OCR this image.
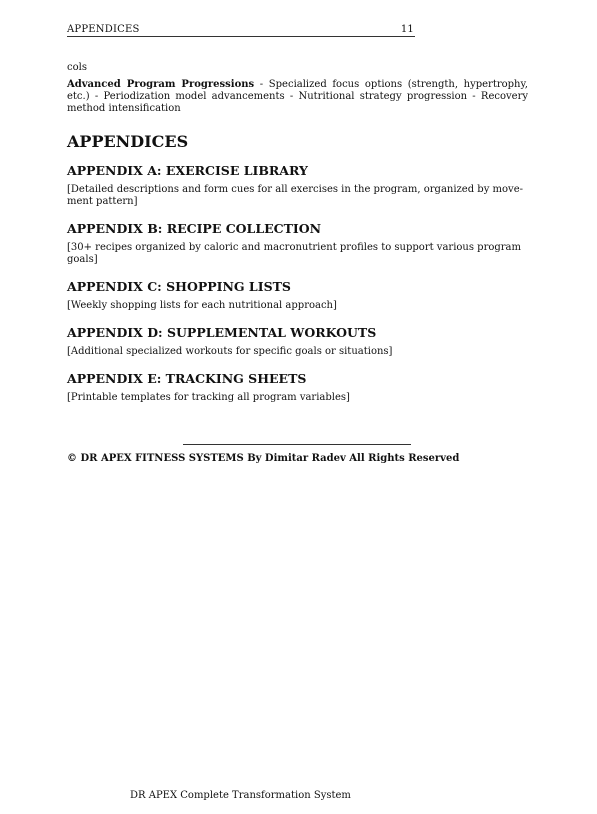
APPENDICES	11

cols

Advanced Program Progressions - Specialized focus options (strength, hypertrophy, etc.) - Periodization model advancements - Nutritional strategy progression - Recovery method intensification

APPENDICES
APPENDIX A: EXERCISE LIBRARY

[Detailed descriptions and form cues for all exercises in the program, organized by move-ment pattern]

APPENDIX B: RECIPE COLLECTION

[30+ recipes organized by caloric and macronutrient profiles to support various program goals]

APPENDIX C: SHOPPING LISTS

[Weekly shopping lists for each nutritional approach]

APPENDIX D: SUPPLEMENTAL WORKOUTS

[Additional specialized workouts for specific goals or situations]

APPENDIX E: TRACKING SHEETS

[Printable templates for tracking all program variables]

© DR APEX FITNESS SYSTEMS By Dimitar Radev All Rights Reserved
DR APEX Complete Transformation System
